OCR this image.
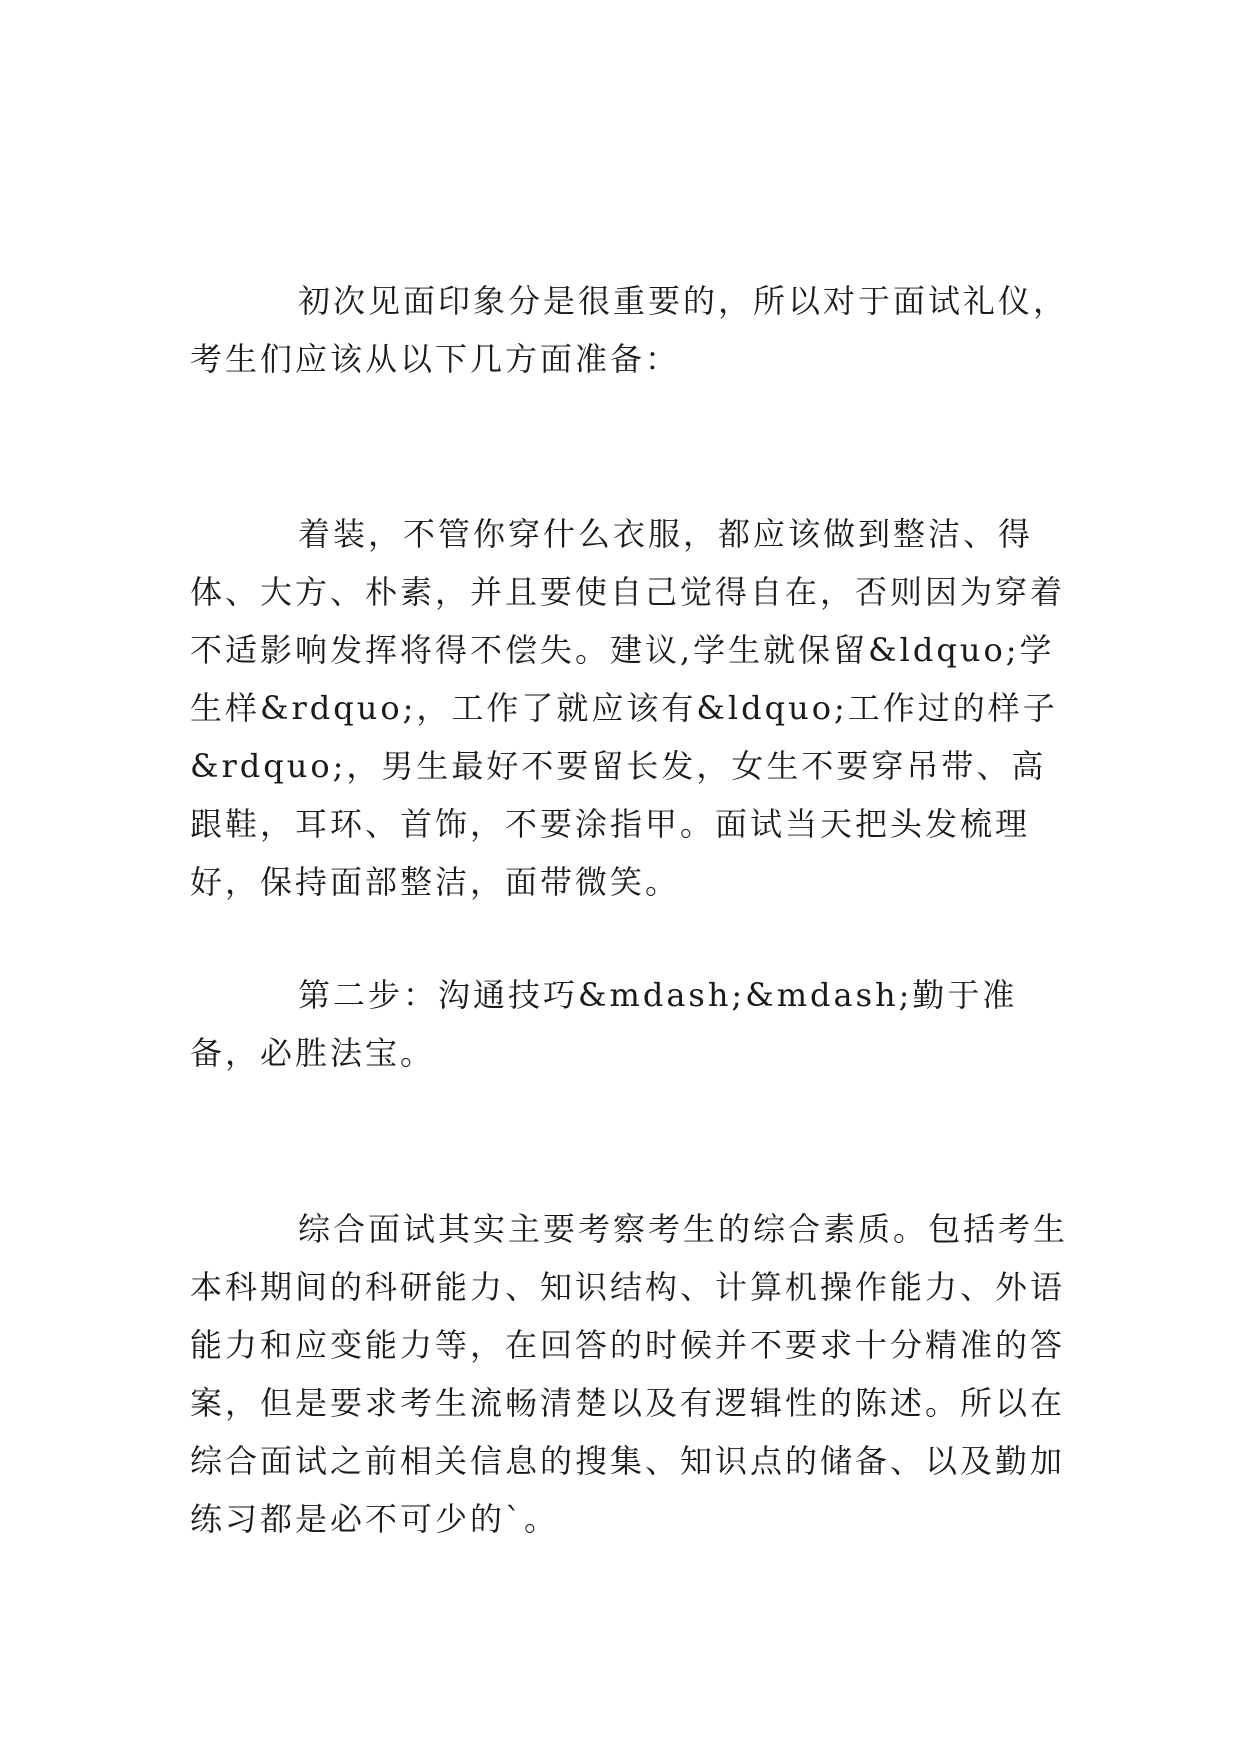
初次见面印象分是很重要的，所以对于面试礼仪，考生们应该从以下几方面准备：

着装，不管你穿什么衣服，都应该做到整洁、得体、大方、朴素，并且要使自己觉得自在，否则因为穿着不适影响发挥将得不偿失。建议,学生就保留&ldquo;学生样&rdquo;，工作了就应该有&ldquo;工作过的样子&rdquo;，男生最好不要留长发，女生不要穿吊带、高跟鞋，耳环、首饰，不要涂指甲。面试当天把头发梳理好，保持面部整洁，面带微笑。

第二步：沟通技巧&mdash;&mdash;勤于准备，必胜法宝。

综合面试其实主要考察考生的综合素质。包括考生本科期间的科研能力、知识结构、计算机操作能力、外语能力和应变能力等，在回答的时候并不要求十分精准的答案，但是要求考生流畅清楚以及有逻辑性的陈述。所以在综合面试之前相关信息的搜集、知识点的储备、以及勤加练习都是必不可少的`。
